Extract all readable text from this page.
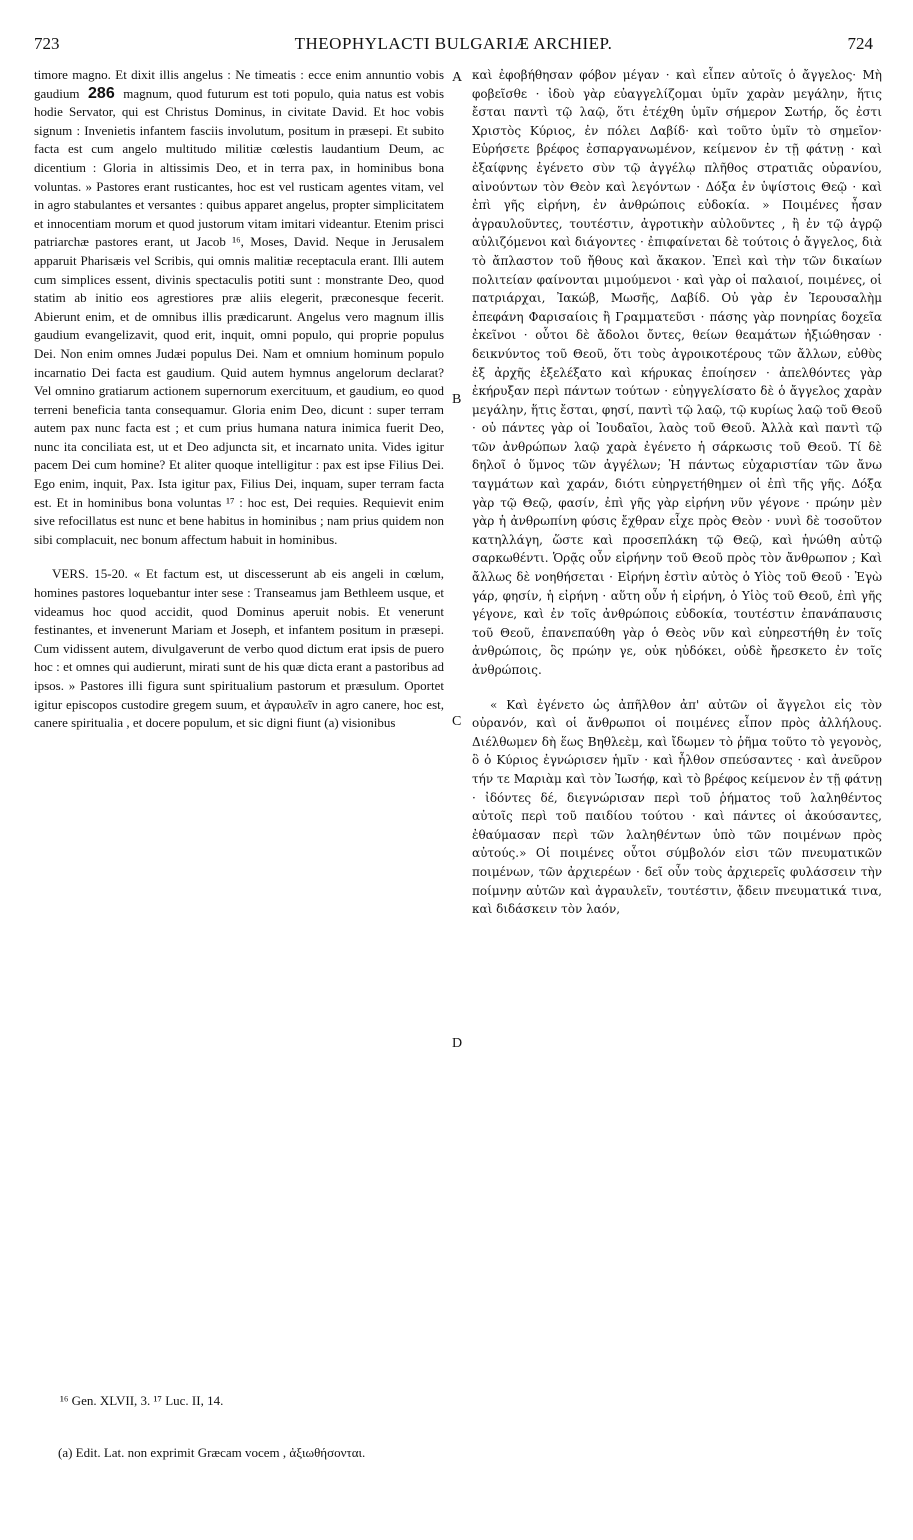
723	THEOPHYLACTI BULGARIÆ ARCHIEP.	724

timore magno. Et dixit illis angelus : Ne timeatis : ecce enim annuntio vobis gaudium 286 magnum, quod futurum est toti populo, quia natus est vobis hodie Servator, qui est Christus Dominus, in civitate David. Et hoc vobis signum : Invenietis infantem fasciis involutum, positum in præsepi. Et subito facta est cum angelo multitudo militiæ cœlestis laudantium Deum, ac dicentium : Gloria in altissimis Deo, et in terra pax, in hominibus bona voluntas. » Pastores erant rusticantes, hoc est vel rusticam agentes vitam, vel in agro stabulantes et versantes : quibus apparet angelus, propter simplicitatem et innocentiam morum et quod justorum vitam imitari videantur. Etenim prisci patriarchæ pastores erant, ut Jacob ¹⁶, Moses, David. Neque in Jerusalem apparuit Pharisæis vel Scribis, qui omnis malitiæ receptacula erant. Illi autem cum simplices essent, divinis spectaculis potiti sunt : monstrante Deo, quod statim ab initio eos agrestiores præ aliis elegerit, præconesque fecerit. Abierunt enim, et de omnibus illis prædicarunt. Angelus vero magnum illis gaudium evangelizavit, quod erit, inquit, omni populo, qui proprie populus Dei. Non enim omnes Judæi populus Dei. Nam et omnium hominum populo incarnatio Dei facta est gaudium. Quid autem hymnus angelorum declarat? Vel omnino gratiarum actionem supernorum exercituum, et gaudium, eo quod terreni beneficia tanta consequamur. Gloria enim Deo, dicunt : super terram autem pax nunc facta est ; et cum prius humana natura inimica fuerit Deo, nunc ita conciliata est, ut et Deo adjuncta sit, et incarnato unita. Vides igitur pacem Dei cum homine? Et aliter quoque intelligitur : pax est ipse Filius Dei. Ego enim, inquit, Pax. Ista igitur pax, Filius Dei, inquam, super terram facta est. Et in hominibus bona voluntas ¹⁷ : hoc est, Dei requies. Requievit enim sive refocillatus est nunc et bene habitus in hominibus ; nam prius quidem non sibi complacuit, nec bonum affectum habuit in hominibus.

VERS. 15-20. « Et factum est, ut discesserunt ab eis angeli in cœlum, homines pastores loquebantur inter sese : Transeamus jam Bethleem usque, et videamus hoc quod accidit, quod Dominus aperuit nobis. Et venerunt festinantes, et invenerunt Mariam et Joseph, et infantem positum in præsepi. Cum vidissent autem, divulgaverunt de verbo quod dictum erat ipsis de puero hoc : et omnes qui audierunt, mirati sunt de his quæ dicta erant a pastoribus ad ipsos. » Pastores illi figura sunt spiritualium pastorum et præsulum. Oportet igitur episcopos custodire gregem suum, et ἀγραυλεῖν in agro canere, hoc est, canere spiritualia , et docere populum, et sic digni fiunt (a) visionibus

A
B
C
D

καὶ ἐφοβήθησαν φόβον μέγαν · καὶ εἶπεν αὐτοῖς ὁ ἄγγελος· Μὴ φοβεῖσθε · ἰδοὺ γὰρ εὐαγγελίζομαι ὑμῖν χαρὰν μεγάλην, ἥτις ἔσται παντὶ τῷ λαῷ, ὅτι ἐτέχθη ὑμῖν σήμερον Σωτήρ, ὅς ἐστι Χριστὸς Κύριος, ἐν πόλει Δαβίδ· καὶ τοῦτο ὑμῖν τὸ σημεῖον· Εὑρήσετε βρέφος ἐσπαργανωμένον, κείμενον ἐν τῇ φάτνῃ · καὶ ἐξαίφνης ἐγένετο σὺν τῷ ἀγγέλῳ πλῆθος στρατιᾶς οὐρανίου, αἰνούντων τὸν Θεὸν καὶ λεγόντων · Δόξα ἐν ὑψίστοις Θεῷ · καὶ ἐπὶ γῆς εἰρήνη, ἐν ἀνθρώποις εὐδοκία. » Ποιμένες ἦσαν ἀγραυλοῦντες, τουτέστιν, ἀγροτικὴν αὐλοῦντες , ἢ ἐν τῷ ἀγρῷ αὐλιζόμενοι καὶ διάγοντες · ἐπιφαίνεται δὲ τούτοις ὁ ἄγγελος, διὰ τὸ ἄπλαστον τοῦ ἤθους καὶ ἄκακον. Ἐπεὶ καὶ τὴν τῶν δικαίων πολιτείαν φαίνονται μιμούμενοι · καὶ γὰρ οἱ παλαιοί, ποιμένες, οἱ πατριάρχαι, Ἰακώβ, Μωσῆς, Δαβίδ. Οὐ γὰρ ἐν Ἱερουσαλὴμ ἐπεφάνη Φαρισαίοις ἢ Γραμματεῦσι · πάσης γὰρ πονηρίας δοχεῖα ἐκεῖνοι · οὗτοι δὲ ἄδολοι ὄντες, θείων θεαμάτων ἠξιώθησαν · δεικνύντος τοῦ Θεοῦ, ὅτι τοὺς ἀγροικοτέρους τῶν ἄλλων, εὐθὺς ἐξ ἀρχῆς ἐξελέξατο καὶ κήρυκας ἐποίησεν · ἀπελθόντες γὰρ ἐκήρυξαν περὶ πάντων τούτων · εὐηγγελίσατο δὲ ὁ ἄγγελος χαρὰν μεγάλην, ἥτις ἔσται, φησί, παντὶ τῷ λαῷ, τῷ κυρίως λαῷ τοῦ Θεοῦ · οὐ πάντες γὰρ οἱ Ἰουδαῖοι, λαὸς τοῦ Θεοῦ. Ἀλλὰ καὶ παντὶ τῷ τῶν ἀνθρώπων λαῷ χαρὰ ἐγένετο ἡ σάρκωσις τοῦ Θεοῦ. Τί δὲ δηλοῖ ὁ ὕμνος τῶν ἀγγέλων; Ἡ πάντως εὐχαριστίαν τῶν ἄνω ταγμάτων καὶ χαράν, διότι εὐηργετήθημεν οἱ ἐπὶ τῆς γῆς. Δόξα γὰρ τῷ Θεῷ, φασίν, ἐπὶ γῆς γὰρ εἰρήνη νῦν γέγονε · πρώην μὲν γὰρ ἡ ἀνθρωπίνη φύσις ἔχθραν εἶχε πρὸς Θεὸν · νυνὶ δὲ τοσοῦτον κατηλλάγη, ὥστε καὶ προσεπλάκη τῷ Θεῷ, καὶ ἡνώθη αὐτῷ σαρκωθέντι. Ὁρᾷς οὖν εἰρήνην τοῦ Θεοῦ πρὸς τὸν ἄνθρωπον ; Καὶ ἄλλως δὲ νοηθήσεται · Εἰρήνη ἐστὶν αὐτὸς ὁ Υἱὸς τοῦ Θεοῦ · Ἐγὼ γάρ, φησίν, ἡ εἰρήνη · αὕτη οὖν ἡ εἰρήνη, ὁ Υἱὸς τοῦ Θεοῦ, ἐπὶ γῆς γέγονε, καὶ ἐν τοῖς ἀνθρώποις εὐδοκία, τουτέστιν ἐπανάπαυσις τοῦ Θεοῦ, ἐπανεπαύθη γὰρ ὁ Θεὸς νῦν καὶ εὐηρεστήθη ἐν τοῖς ἀνθρώποις, ὃς πρώην γε, οὐκ ηὐδόκει, οὐδὲ ἤρεσκετο ἐν τοῖς ἀνθρώποις.

« Καὶ ἐγένετο ὡς ἀπῆλθον ἀπ' αὐτῶν οἱ ἄγγελοι εἰς τὸν οὐρανόν, καὶ οἱ ἄνθρωποι οἱ ποιμένες εἶπον πρὸς ἀλλήλους. Διέλθωμεν δὴ ἕως Βηθλεὲμ, καὶ ἴδωμεν τὸ ῥῆμα τοῦτο τὸ γεγονὸς, ὃ ὁ Κύριος ἐγνώρισεν ἡμῖν · καὶ ἦλθον σπεύσαντες · καὶ ἀνεῦρον τήν τε Μαριὰμ καὶ τὸν Ἰωσήφ, καὶ τὸ βρέφος κείμενον ἐν τῇ φάτνῃ · ἰδόντες δέ, διεγνώρισαν περὶ τοῦ ῥήματος τοῦ λαληθέντος αὐτοῖς περὶ τοῦ παιδίου τούτου · καὶ πάντες οἱ ἀκούσαντες, ἐθαύμασαν περὶ τῶν λαληθέντων ὑπὸ τῶν ποιμένων πρὸς αὐτούς.» Οἱ ποιμένες οὗτοι σύμβολόν εἰσι τῶν πνευματικῶν ποιμένων, τῶν ἀρχιερέων · δεῖ οὖν τοὺς ἀρχιερεῖς φυλάσσειν τὴν ποίμνην αὐτῶν καὶ ἀγραυλεῖν, τουτέστιν, ᾄδειν πνευματικά τινα, καὶ διδάσκειν τὸν λαόν,

¹⁶ Gen. XLVII, 3. ¹⁷ Luc. II, 14.
(a) Edit. Lat. non exprimit Græcam vocem , ἀξιωθήσονται.
